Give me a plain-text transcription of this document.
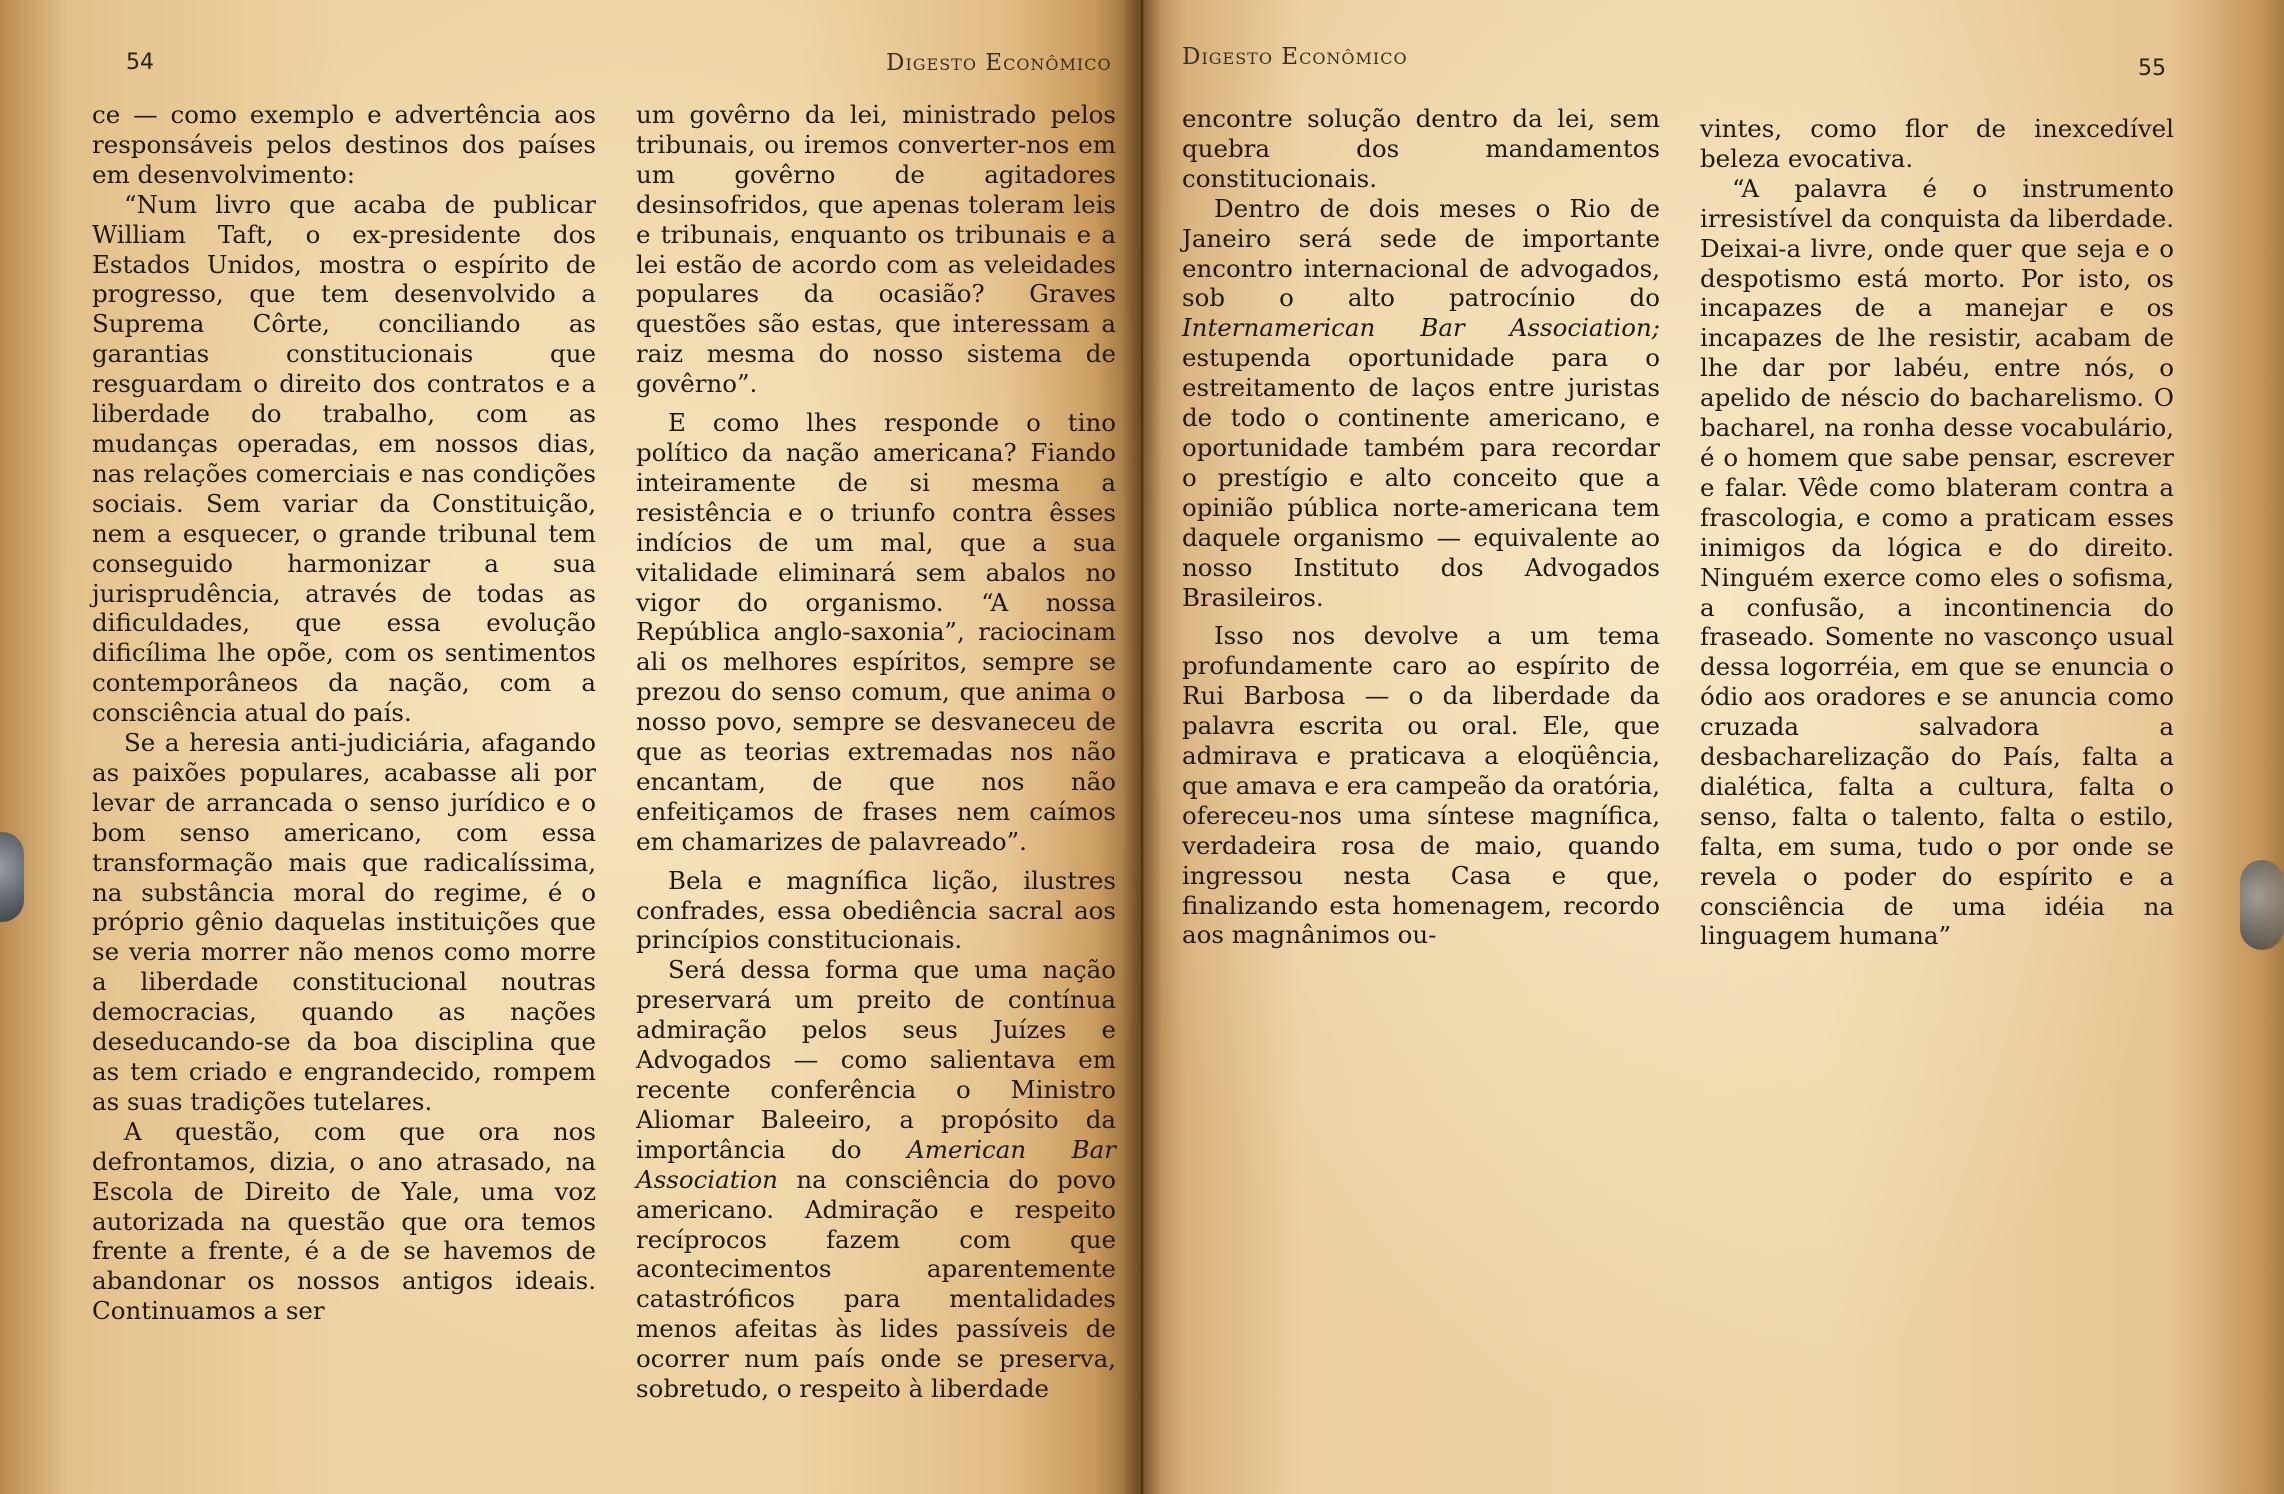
54	Digesto Econômico

ce — como exemplo e advertência aos responsáveis pelos destinos dos países em desenvolvimento:

“Num livro que acaba de publicar William Taft, o ex-presidente dos Estados Unidos, mostra o espírito de progresso, que tem desenvolvido a Suprema Côrte, conciliando as garantias constitucionais que resguardam o direito dos contratos e a liberdade do trabalho, com as mudanças operadas, em nossos dias, nas relações comerciais e nas condições sociais. Sem variar da Constituição, nem a esquecer, o grande tribunal tem conseguido harmonizar a sua jurisprudência, através de todas as dificuldades, que essa evolução dificílima lhe opõe, com os sentimentos contemporâneos da nação, com a consciência atual do país.

Se a heresia anti-judiciária, afagando as paixões populares, acabasse ali por levar de arrancada o senso jurídico e o bom senso americano, com essa transformação mais que radicalíssima, na substância moral do regime, é o próprio gênio daquelas instituições que se veria morrer não menos como morre a liberdade constitucional noutras democracias, quando as nações deseducando-se da boa disciplina que as tem criado e engrandecido, rompem as suas tradições tutelares.

A questão, com que ora nos defrontamos, dizia, o ano atrasado, na Escola de Direito de Yale, uma voz autorizada na questão que ora temos frente a frente, é a de se havemos de abandonar os nossos antigos ideais. Continuamos a ser

um govêrno da lei, ministrado pelos tribunais, ou iremos converter-nos em um govêrno de agitadores desinsofridos, que apenas toleram leis e tribunais, enquanto os tribunais e a lei estão de acordo com as veleidades populares da ocasião? Graves questões são estas, que interessam a raiz mesma do nosso sistema de govêrno”.

E como lhes responde o tino político da nação americana? Fiando inteiramente de si mesma a resistência e o triunfo contra êsses indícios de um mal, que a sua vitalidade eliminará sem abalos no vigor do organismo. “A nossa República anglo-saxonia”, raciocinam ali os melhores espíritos, sempre se prezou do senso comum, que anima o nosso povo, sempre se desvaneceu de que as teorias extremadas nos não encantam, de que nos não enfeitiçamos de frases nem caímos em chamarizes de palavreado”.

Bela e magnífica lição, ilustres confrades, essa obediência sacral aos princípios constitucionais.

Será dessa forma que uma nação preservará um preito de contínua admiração pelos seus Juízes e Advogados — como salientava em recente conferência o Ministro Aliomar Baleeiro, a propósito da importância do American Bar Association na consciência do povo americano. Admiração e respeito recíprocos fazem com que acontecimentos aparentemente catastróficos para mentalidades menos afeitas às lides passíveis de ocorrer num país onde se preserva, sobretudo, o respeito à liberdade

Digesto Econômico	55

encontre solução dentro da lei, sem quebra dos mandamentos constitucionais.

Dentro de dois meses o Rio de Janeiro será sede de importante encontro internacional de advogados, sob o alto patrocínio do Internamerican Bar Association; estupenda oportunidade para o estreitamento de laços entre juristas de todo o continente americano, e oportunidade também para recordar o prestígio e alto conceito que a opinião pública norte-americana tem daquele organismo — equivalente ao nosso Instituto dos Advogados Brasileiros.

Isso nos devolve a um tema profundamente caro ao espírito de Rui Barbosa — o da liberdade da palavra escrita ou oral. Ele, que admirava e praticava a eloqüência, que amava e era campeão da oratória, ofereceu-nos uma síntese magnífica, verdadeira rosa de maio, quando ingressou nesta Casa e que, finalizando esta homenagem, recordo aos magnânimos ou-

vintes, como flor de inexcedível beleza evocativa.

“A palavra é o instrumento irresistível da conquista da liberdade. Deixai-a livre, onde quer que seja e o despotismo está morto. Por isto, os incapazes de a manejar e os incapazes de lhe resistir, acabam de lhe dar por labéu, entre nós, o apelido de néscio do bacharelismo. O bacharel, na ronha desse vocabulário, é o homem que sabe pensar, escrever e falar. Vêde como blateram contra a frascologia, e como a praticam esses inimigos da lógica e do direito. Ninguém exerce como eles o sofisma, a confusão, a incontinencia do fraseado. Somente no vasconço usual dessa logorréia, em que se enuncia o ódio aos oradores e se anuncia como cruzada salvadora a desbacharelização do País, falta a dialética, falta a cultura, falta o senso, falta o talento, falta o estilo, falta, em suma, tudo o por onde se revela o poder do espírito e a consciência de uma idéia na linguagem humana”
